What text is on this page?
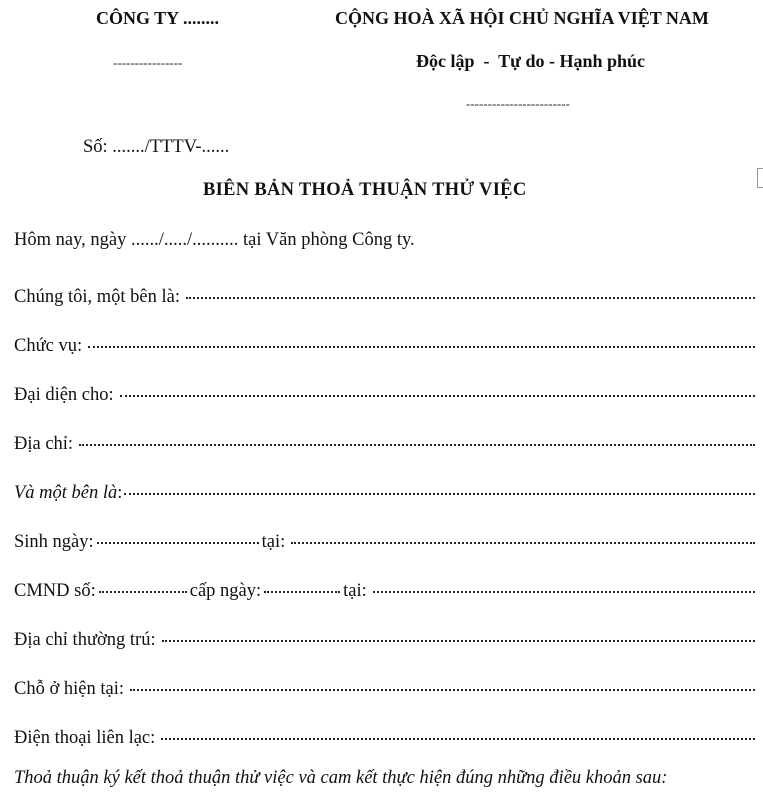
CÔNG TY ........
----------------
CỘNG HOÀ XÃ HỘI CHỦ NGHĨA VIỆT NAM
Độc lập  -  Tự do - Hạnh phúc
------------------------
Số: ......./TTTV-......
BIÊN BẢN THOẢ THUẬN THỬ VIỆC
Hôm nay, ngày ....../...../.......... tại Văn phòng Công ty.
Chúng tôi, một bên là:
Chức vụ:
Đại diện cho:
Địa chỉ:
Và một bên là :
Sinh ngày:	tại:
CMND số:	cấp ngày:	tại:
Địa chỉ thường trú:
Chỗ ở hiện tại:
Điện thoại liên lạc:
Thoả thuận ký kết thoả thuận thử việc và cam kết thực hiện đúng những điều khoản sau:
